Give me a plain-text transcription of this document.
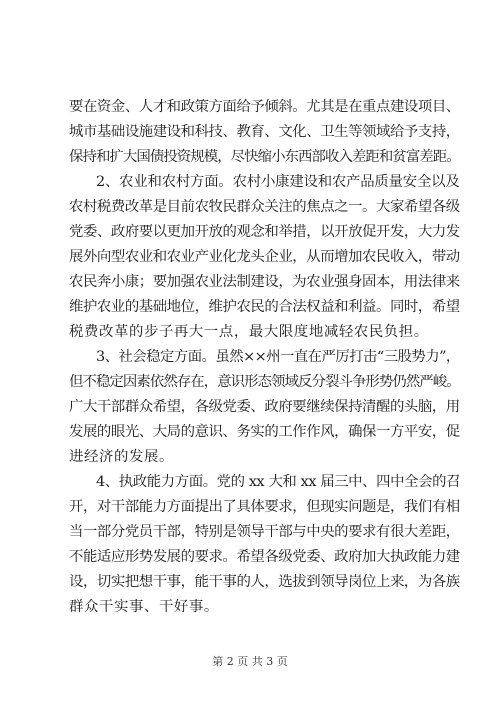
要在资金、人才和政策方面给予倾斜。尤其是在重点建设项目、
城市基础设施建设和科技、教育、文化、卫生等领域给予支持，
保持和扩大国债投资规模，尽快缩小东西部收入差距和贫富差距。
2、农业和农村方面。农村小康建设和农产品质量安全以及
农村税费改革是目前农牧民群众关注的焦点之一。大家希望各级
党委、政府要以更加开放的观念和举措，以开放促开发，大力发
展外向型农业和农业产业化龙头企业，从而增加农民收入，带动
农民奔小康；要加强农业法制建设，为农业强身固本，用法律来
维护农业的基础地位，维护农民的合法权益和利益。同时，希望
税费改革的步子再大一点，最大限度地减轻农民负担。
3、社会稳定方面。虽然××州一直在严厉打击“三股势力”，
但不稳定因素依然存在，意识形态领域反分裂斗争形势仍然严峻。
广大干部群众希望，各级党委、政府要继续保持清醒的头脑，用
发展的眼光、大局的意识、务实的工作作风，确保一方平安，促
进经济的发展。
4、执政能力方面。党的 xx 大和 xx 届三中、四中全会的召
开，对干部能力方面提出了具体要求，但现实问题是，我们有相
当一部分党员干部，特别是领导干部与中央的要求有很大差距，
不能适应形势发展的要求。希望各级党委、政府加大执政能力建
设，切实把想干事，能干事的人，选拔到领导岗位上来，为各族
群众干实事、干好事。
第 2 页 共 3 页
